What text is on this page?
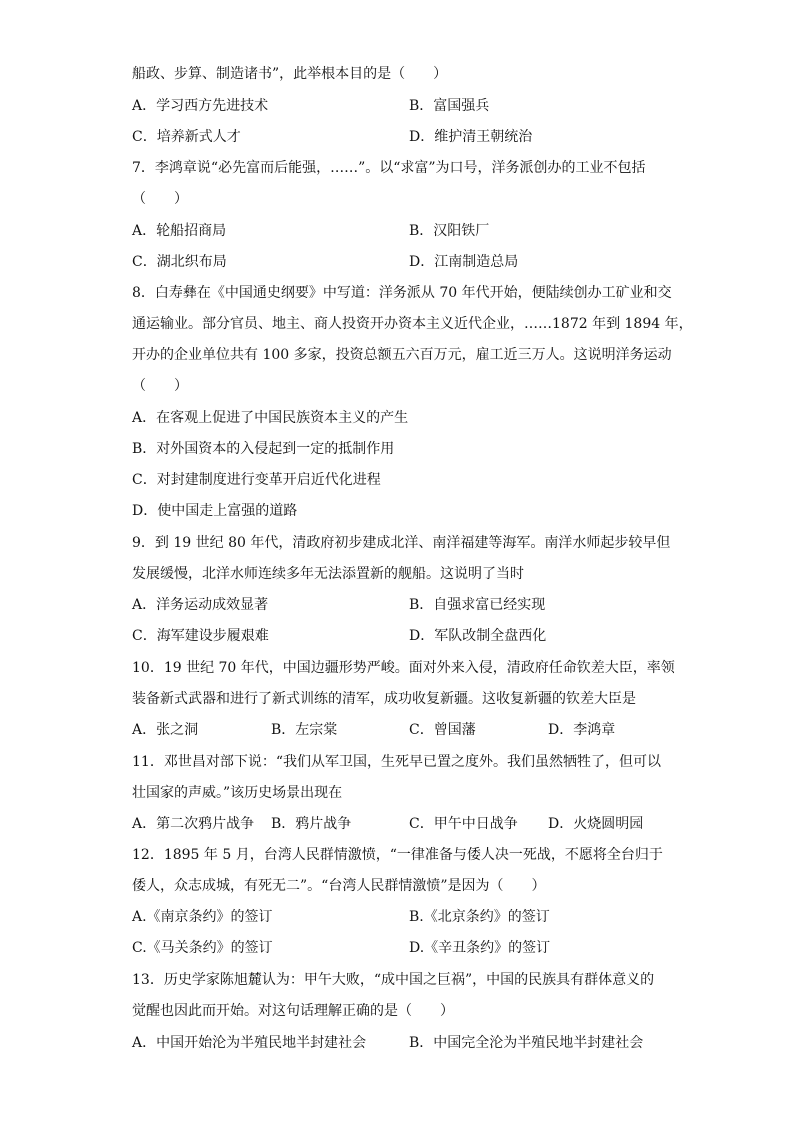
船政、步算、制造诸书”，此举根本目的是（　　）
7．李鸿章说“必先富而后能强，……”。以“求富”为口号，洋务派创办的工业不包括
（　　）
8．白寿彝在《中国通史纲要》中写道：洋务派从 70 年代开始，便陆续创办工矿业和交
通运输业。部分官员、地主、商人投资开办资本主义近代企业，……1872 年到 1894 年，
开办的企业单位共有 100 多家，投资总额五六百万元，雇工近三万人。这说明洋务运动
（　　）
A．在客观上促进了中国民族资本主义的产生
B．对外国资本的入侵起到一定的抵制作用
C．对封建制度进行变革开启近代化进程
D．使中国走上富强的道路
9．到 19 世纪 80 年代，清政府初步建成北洋、南洋福建等海军。南洋水师起步较早但
发展缓慢，北洋水师连续多年无法添置新的舰船。这说明了当时
10．19 世纪 70 年代，中国边疆形势严峻。面对外来入侵，清政府任命钦差大臣，率领
装备新式武器和进行了新式训练的清军，成功收复新疆。这收复新疆的钦差大臣是
11．邓世昌对部下说：“我们从军卫国，生死早已置之度外。我们虽然牺牲了，但可以
壮国家的声威。”该历史场景出现在
12．1895 年 5 月，台湾人民群情激愤，“一律准备与倭人决一死战，不愿将全台归于
倭人，众志成城，有死无二”。“台湾人民群情激愤”是因为（　　）
13．历史学家陈旭麓认为：甲午大败，“成中国之巨祸”，中国的民族具有群体意义的
觉醒也因此而开始。对这句话理解正确的是（　　）
A．学习西方先进技术	B．富国强兵
C．培养新式人才	D．维护清王朝统治
A．轮船招商局	B．汉阳铁厂
C．湖北织布局	D．江南制造总局
A．洋务运动成效显著	B．自强求富已经实现
C．海军建设步履艰难	D．军队改制全盘西化
A.《南京条约》的签订	B.《北京条约》的签订
C.《马关条约》的签订	D.《辛丑条约》的签订
A．中国开始沦为半殖民地半封建社会	B．中国完全沦为半殖民地半封建社会
A．张之洞	B．左宗棠	C．曾国藩	D．李鸿章
A．第二次鸦片战争 B．鸦片战争	C．甲午中日战争 D．火烧圆明园
